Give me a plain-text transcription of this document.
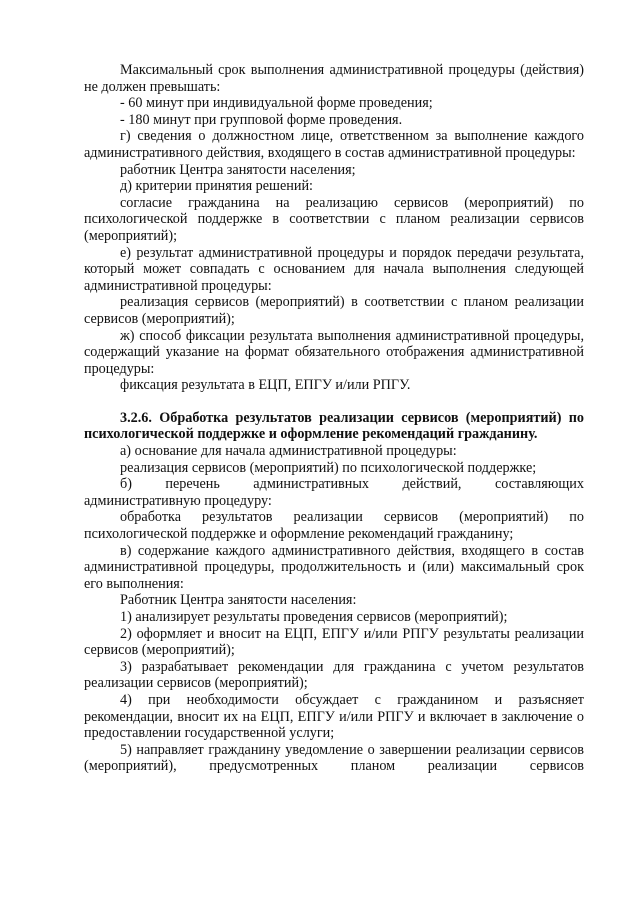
Максимальный срок выполнения административной процедуры (действия) не должен превышать:

- 60 минут при индивидуальной форме проведения;

- 180 минут при групповой форме проведения.

г) сведения о должностном лице, ответственном за выполнение каждого административного действия, входящего в состав административной процедуры:

работник Центра занятости населения;

д) критерии принятия решений:

согласие гражданина на реализацию сервисов (мероприятий) по психологической поддержке в соответствии с планом реализации сервисов (мероприятий);

е) результат административной процедуры и порядок передачи результата, который может совпадать с основанием для начала выполнения следующей административной процедуры:

реализация сервисов (мероприятий) в соответствии с планом реализации сервисов (мероприятий);

ж) способ фиксации результата выполнения административной процедуры, содержащий указание на формат обязательного отображения административной процедуры:

фиксация результата в ЕЦП, ЕПГУ и/или РПГУ.

3.2.6. Обработка результатов реализации сервисов (мероприятий) по психологической поддержке и оформление рекомендаций гражданину.

а) основание для начала административной процедуры:

реализация сервисов (мероприятий) по психологической поддержке;

б) перечень административных действий, составляющих административную процедуру:

обработка результатов реализации сервисов (мероприятий) по психологической поддержке и оформление рекомендаций гражданину;

в) содержание каждого административного действия, входящего в состав административной процедуры, продолжительность и (или) максимальный срок его выполнения:

Работник Центра занятости населения:

1) анализирует результаты проведения сервисов (мероприятий);

2) оформляет и вносит на ЕЦП, ЕПГУ и/или РПГУ результаты реализации сервисов (мероприятий);

3) разрабатывает рекомендации для гражданина с учетом результатов реализации сервисов (мероприятий);

4) при необходимости обсуждает с гражданином и разъясняет рекомендации, вносит их на ЕЦП, ЕПГУ и/или РПГУ и включает в заключение о предоставлении государственной услуги;

5) направляет гражданину уведомление о завершении реализации сервисов (мероприятий), предусмотренных планом реализации сервисов
